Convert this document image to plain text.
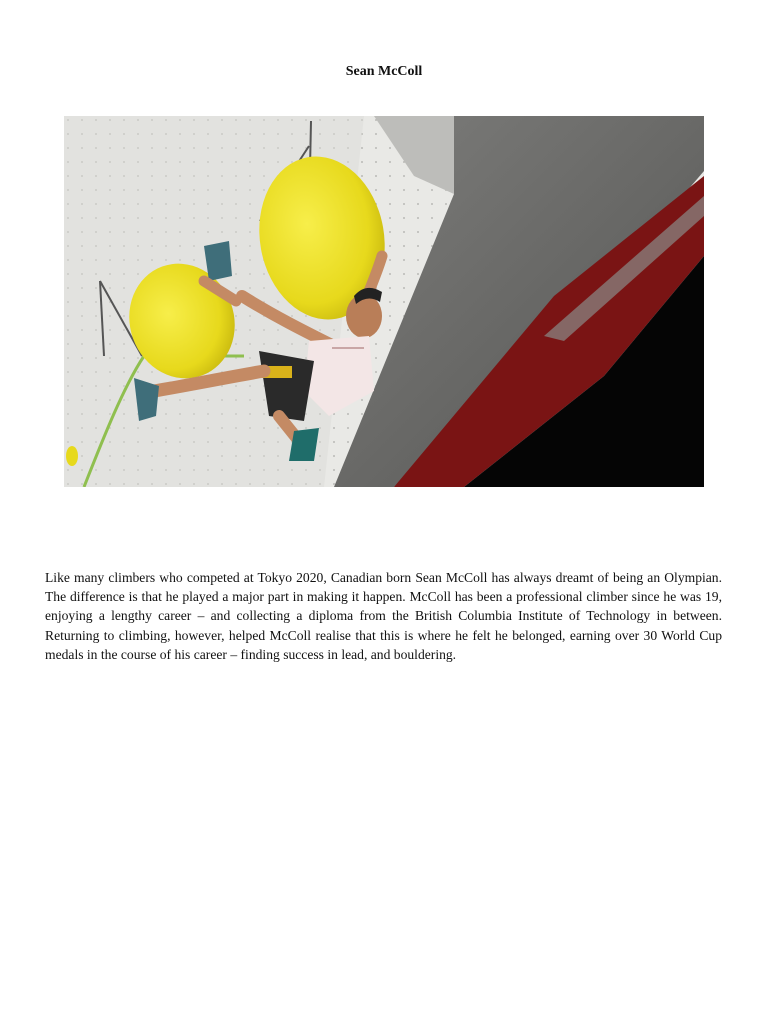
Sean McColl

Like many climbers who competed at Tokyo 2020, Canadian born Sean McColl has always dreamt of being an Olympian. The difference is that he played a major part in making it happen. McColl has been a professional climber since he was 19, enjoying a lengthy career – and collecting a diploma from the British Columbia Institute of Technology in between. Returning to climbing, however, helped McColl realise that this is where he felt he belonged, earning over 30 World Cup medals in the course of his career – finding success in lead, and bouldering.
